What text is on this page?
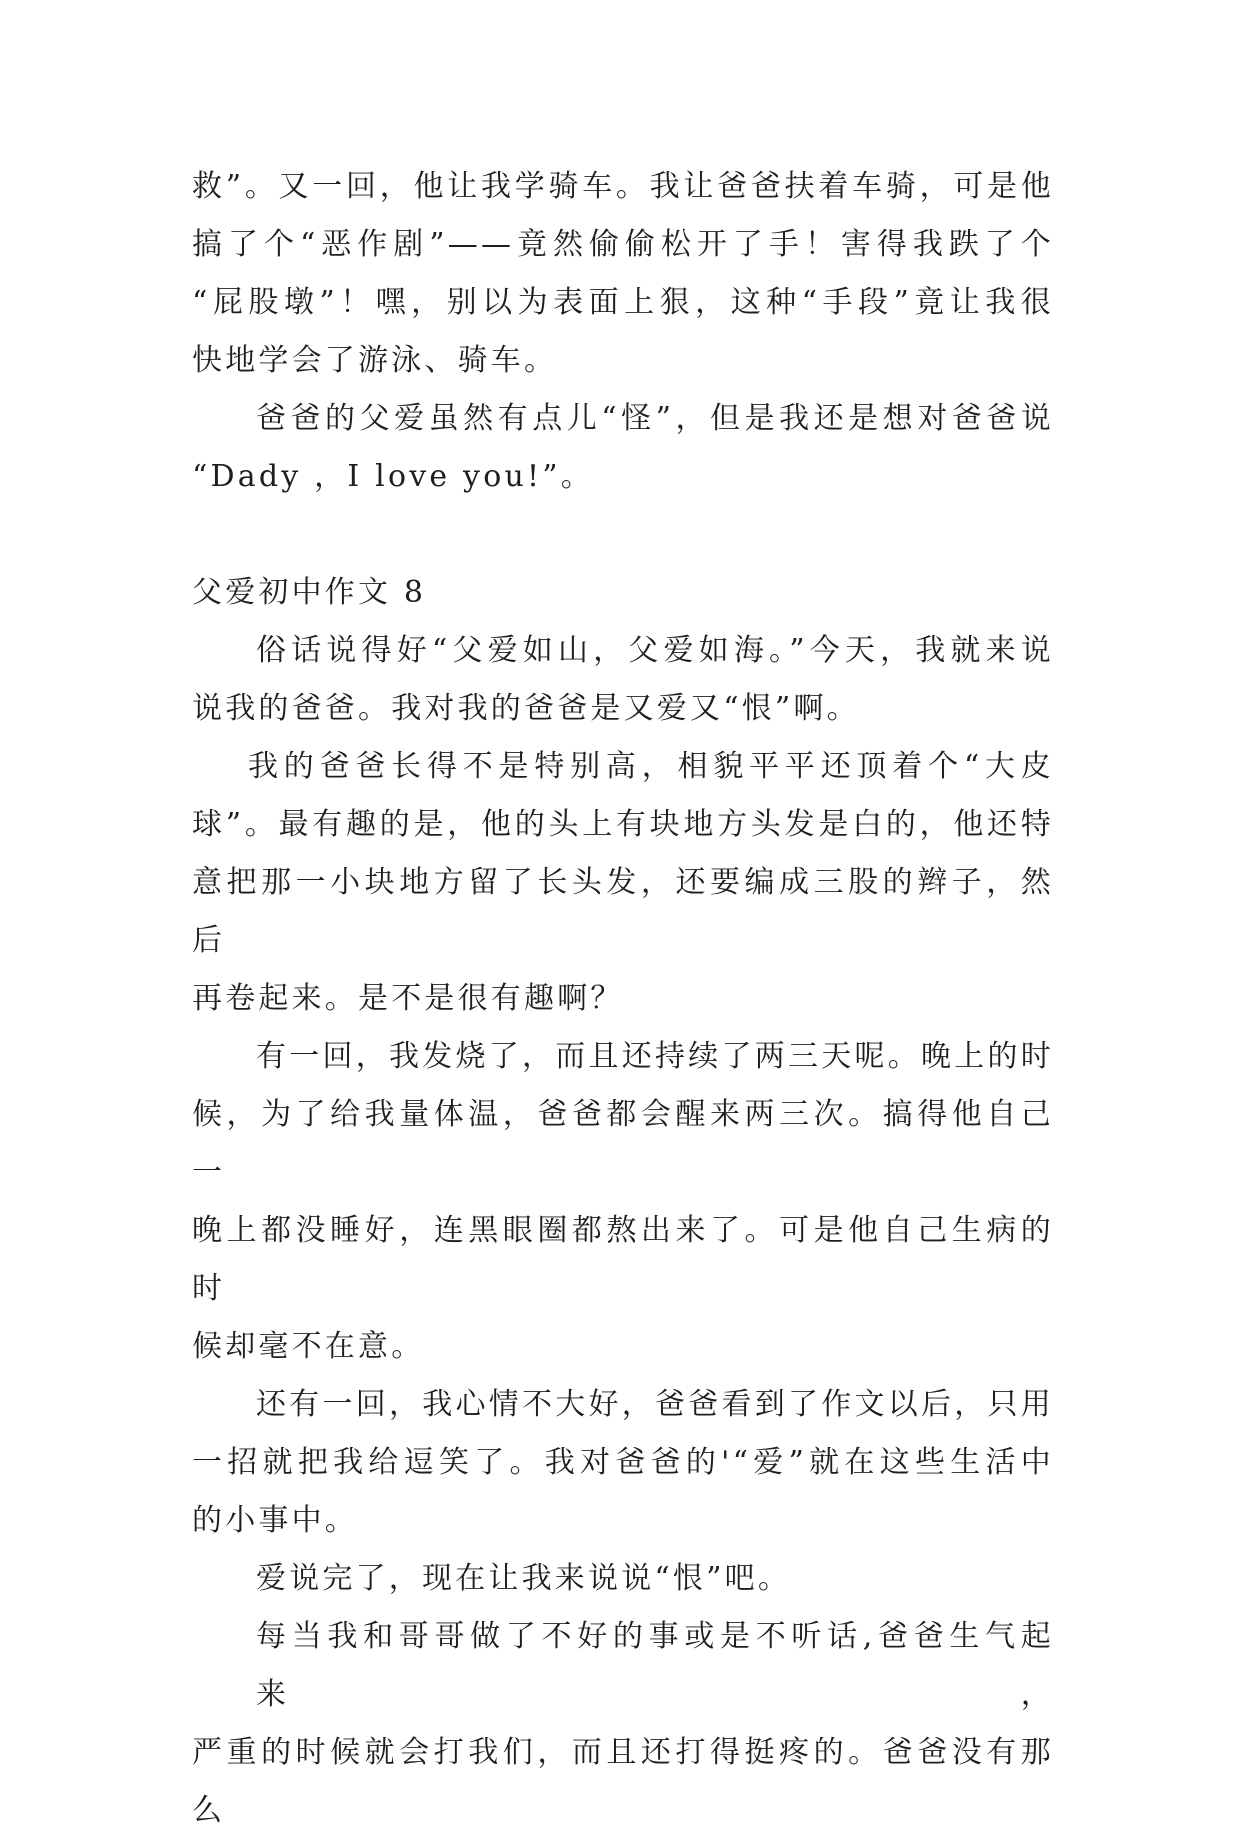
救”。又一回，他让我学骑车。我让爸爸扶着车骑，可是他
搞了个“恶作剧”——竟然偷偷松开了手！害得我跌了个
“屁股墩”！嘿，别以为表面上狠，这种“手段”竟让我很
快地学会了游泳、骑车。

爸爸的父爱虽然有点儿“怪”，但是我还是想对爸爸说
“Dady ，I love you!”。

父爱初中作文 8

俗话说得好“父爱如山，父爱如海。”今天，我就来说
说我的爸爸。我对我的爸爸是又爱又“恨”啊。

我的爸爸长得不是特别高，相貌平平还顶着个“大皮
球”。最有趣的是，他的头上有块地方头发是白的，他还特
意把那一小块地方留了长头发，还要编成三股的辫子，然后
再卷起来。是不是很有趣啊？

有一回，我发烧了，而且还持续了两三天呢。晚上的时
候，为了给我量体温，爸爸都会醒来两三次。搞得他自己一
晚上都没睡好，连黑眼圈都熬出来了。可是他自己生病的时
候却毫不在意。

还有一回，我心情不大好，爸爸看到了作文以后，只用
一招就把我给逗笑了。我对爸爸的'“爱”就在这些生活中
的小事中。

爱说完了，现在让我来说说“恨”吧。

每当我和哥哥做了不好的事或是不听话,爸爸生气起来，
严重的时候就会打我们，而且还打得挺疼的。爸爸没有那么
